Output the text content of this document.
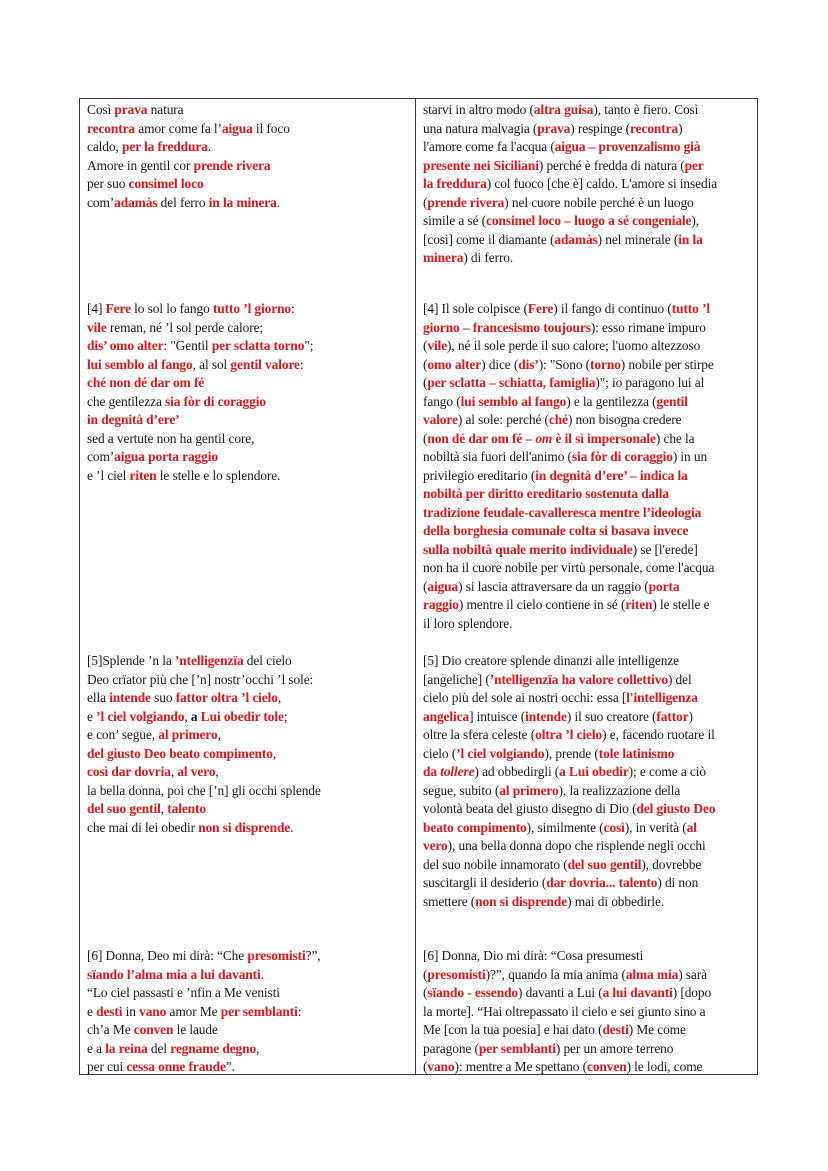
Così prava natura
recontra amor come fa l’aigua il foco
caldo, per la freddura.
Amore in gentil cor prende rivera
per suo consimel loco
com’adamàs del ferro in la minera.
[4] Fere lo sol lo fango tutto ’l giorno:
vile reman, né ’l sol perde calore;
dis’ omo alter: "Gentil per sclatta torno";
lui semblo al fango, al sol gentil valore:
ché non dé dar om fé
che gentilezza sia fòr di coraggio
in degnità d’ere’
sed a vertute non ha gentil core,
com’aigua porta raggio
e ’l ciel riten le stelle e lo splendore.
[5]Splende ’n la ’ntelligenzïa del cielo
Deo crïator più che [’n] nostr’occhi ’l sole:
ella intende suo fattor oltra ’l cielo,
e ’l ciel volgiando, a Lui obedir tole;
e con’ segue, al primero,
del giusto Deo beato compimento,
così dar dovria, al vero,
la bella donna, poi che [’n] gli occhi splende
del suo gentil, talento
che mai di lei obedir non si disprende.
[6] Donna, Deo mi dirà: “Che presomisti?”,
sïando l’alma mia a lui davanti.
“Lo ciel passasti e ’nfin a Me venisti
e desti in vano amor Me per semblanti:
ch’a Me conven le laude
e a la reina del regname degno,
per cui cessa onne fraude”.
starvi in altro modo (altra guisa), tanto è fiero. Così
una natura malvagia (prava) respinge (recontra)
l'amore come fa l'acqua (aigua – provenzalismo già
presente nei Siciliani) perché è fredda di natura (per
la freddura) col fuoco [che è] caldo. L'amore si insedia
(prende rivera) nel cuore nobile perché è un luogo
simile a sé (consimel loco – luogo a sé congeniale),
[così] come il diamante (adamàs) nel minerale (in la
minera) di ferro.
[4] Il sole colpisce (Fere) il fango di continuo (tutto ’l
giorno – francesismo toujours): esso rimane impuro
(vile), né il sole perde il suo calore; l'uomo altezzoso
(omo alter) dice (dis’): "Sono (torno) nobile per stirpe
(per sclatta – schiatta, famiglia)"; io paragono lui al
fango (lui semblo al fango) e la gentilezza (gentil
valore) al sole: perché (ché) non bisogna credere
(non dé dar om fé – om è il sì impersonale) che la
nobiltà sia fuori dell'animo (sia fòr di coraggio) in un
privilegio ereditario (in degnità d’ere’ – indica la
nobiltà per diritto ereditario sostenuta dalla
tradizione feudale-cavalleresca mentre l’ideologia
della borghesia comunale colta si basava invece
sulla nobiltà quale merito individuale) se [l'erede]
non ha il cuore nobile per virtù personale, come l'acqua
(aigua) si lascia attraversare da un raggio (porta
raggio) mentre il cielo contiene in sé (riten) le stelle e
il loro splendore.
[5] Dio creatore splende dinanzi alle intelligenze
[angeliche] (’ntelligenzïa ha valore collettivo) del
cielo più del sole ai nostri occhi: essa [l'intelligenza
angelica] intuisce (intende) il suo creatore (fattor)
oltre la sfera celeste (oltra ’l cielo) e, facendo ruotare il
cielo (’l ciel volgiando), prende (tole latinismo
da tollere) ad obbedirgli (a Lui obedir); e come a ciò
segue, subito (al primero), la realizzazione della
volontà beata del giusto disegno di Dio (del giusto Deo
beato compimento), similmente (così), in verità (al
vero), una bella donna dopo che risplende negli occhi
del suo nobile innamorato (del suo gentil), dovrebbe
suscitargli il desiderio (dar dovria... talento) di non
smettere (non si disprende) mai di obbedirle.
[6] Donna, Dio mi dirà: “Cosa presumesti
(presomisti)?”, quando la mia anima (alma mia) sarà
(sïando - essendo) davanti a Lui (a lui davanti) [dopo
la morte]. “Hai oltrepassato il cielo e sei giunto sino a
Me [con la tua poesia] e hai dato (desti) Me come
paragone (per semblanti) per un amore terreno
(vano): mentre a Me spettano (conven) le lodi, come
